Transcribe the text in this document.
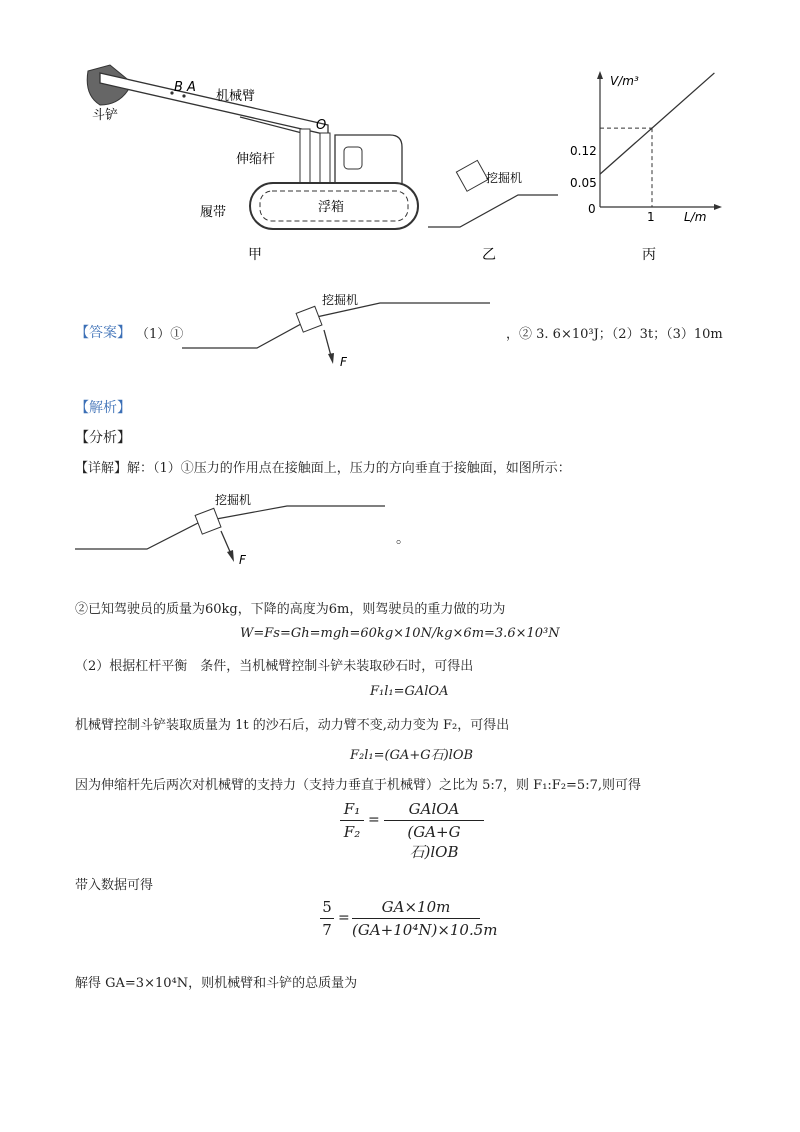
斗铲
B A
机械臂
O
伸缩杆
履带	浮箱
甲
挖掘机
乙
V/m³
L/m
0.12
0.05
1
0
丙
【答案】 （1）①
挖掘机
F
，② 3. 6×10³J；（2）3t；（3）10m
【解析】
【分析】
【详解】解：（1）①压力的作用点在接触面上，压力的方向垂直于接触面，如图所示：
挖掘机
F
。
②已知驾驶员的质量为60kg，下降的高度为6m，则驾驶员的重力做的功为
W=Fs=Gh=mgh=60kg×10N/kg×6m=3.6×10³N
（2）根据杠杆平衡　条件，当机械臂控制斗铲未装取砂石时，可得出
F₁l₁=GAlOA
机械臂控制斗铲装取质量为 1t 的沙石后，动力臂不变,动力变为 F₂，可得出
F₂l₁=(GA+G石)lOB
因为伸缩杆先后两次对机械臂的支持力（支持力垂直于机械臂）之比为 5:7，则 F₁:F₂=5:7,则可得
F₁
F₂
=
GAlOA
(GA+G石)lOB
带入数据可得
5
7
=
GA×10m
(GA+10⁴N)×10.5m
解得 GA=3×10⁴N，则机械臂和斗铲的总质量为
